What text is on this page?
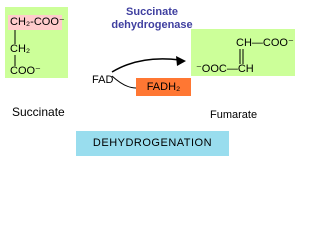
CH₂-COO⁻
CH₂
COO⁻
CH—COO⁻
⁻OOC—CH
Succinate
dehydrogenase
FAD
FADH₂
Succinate	Fumarate
DEHYDROGENATION
